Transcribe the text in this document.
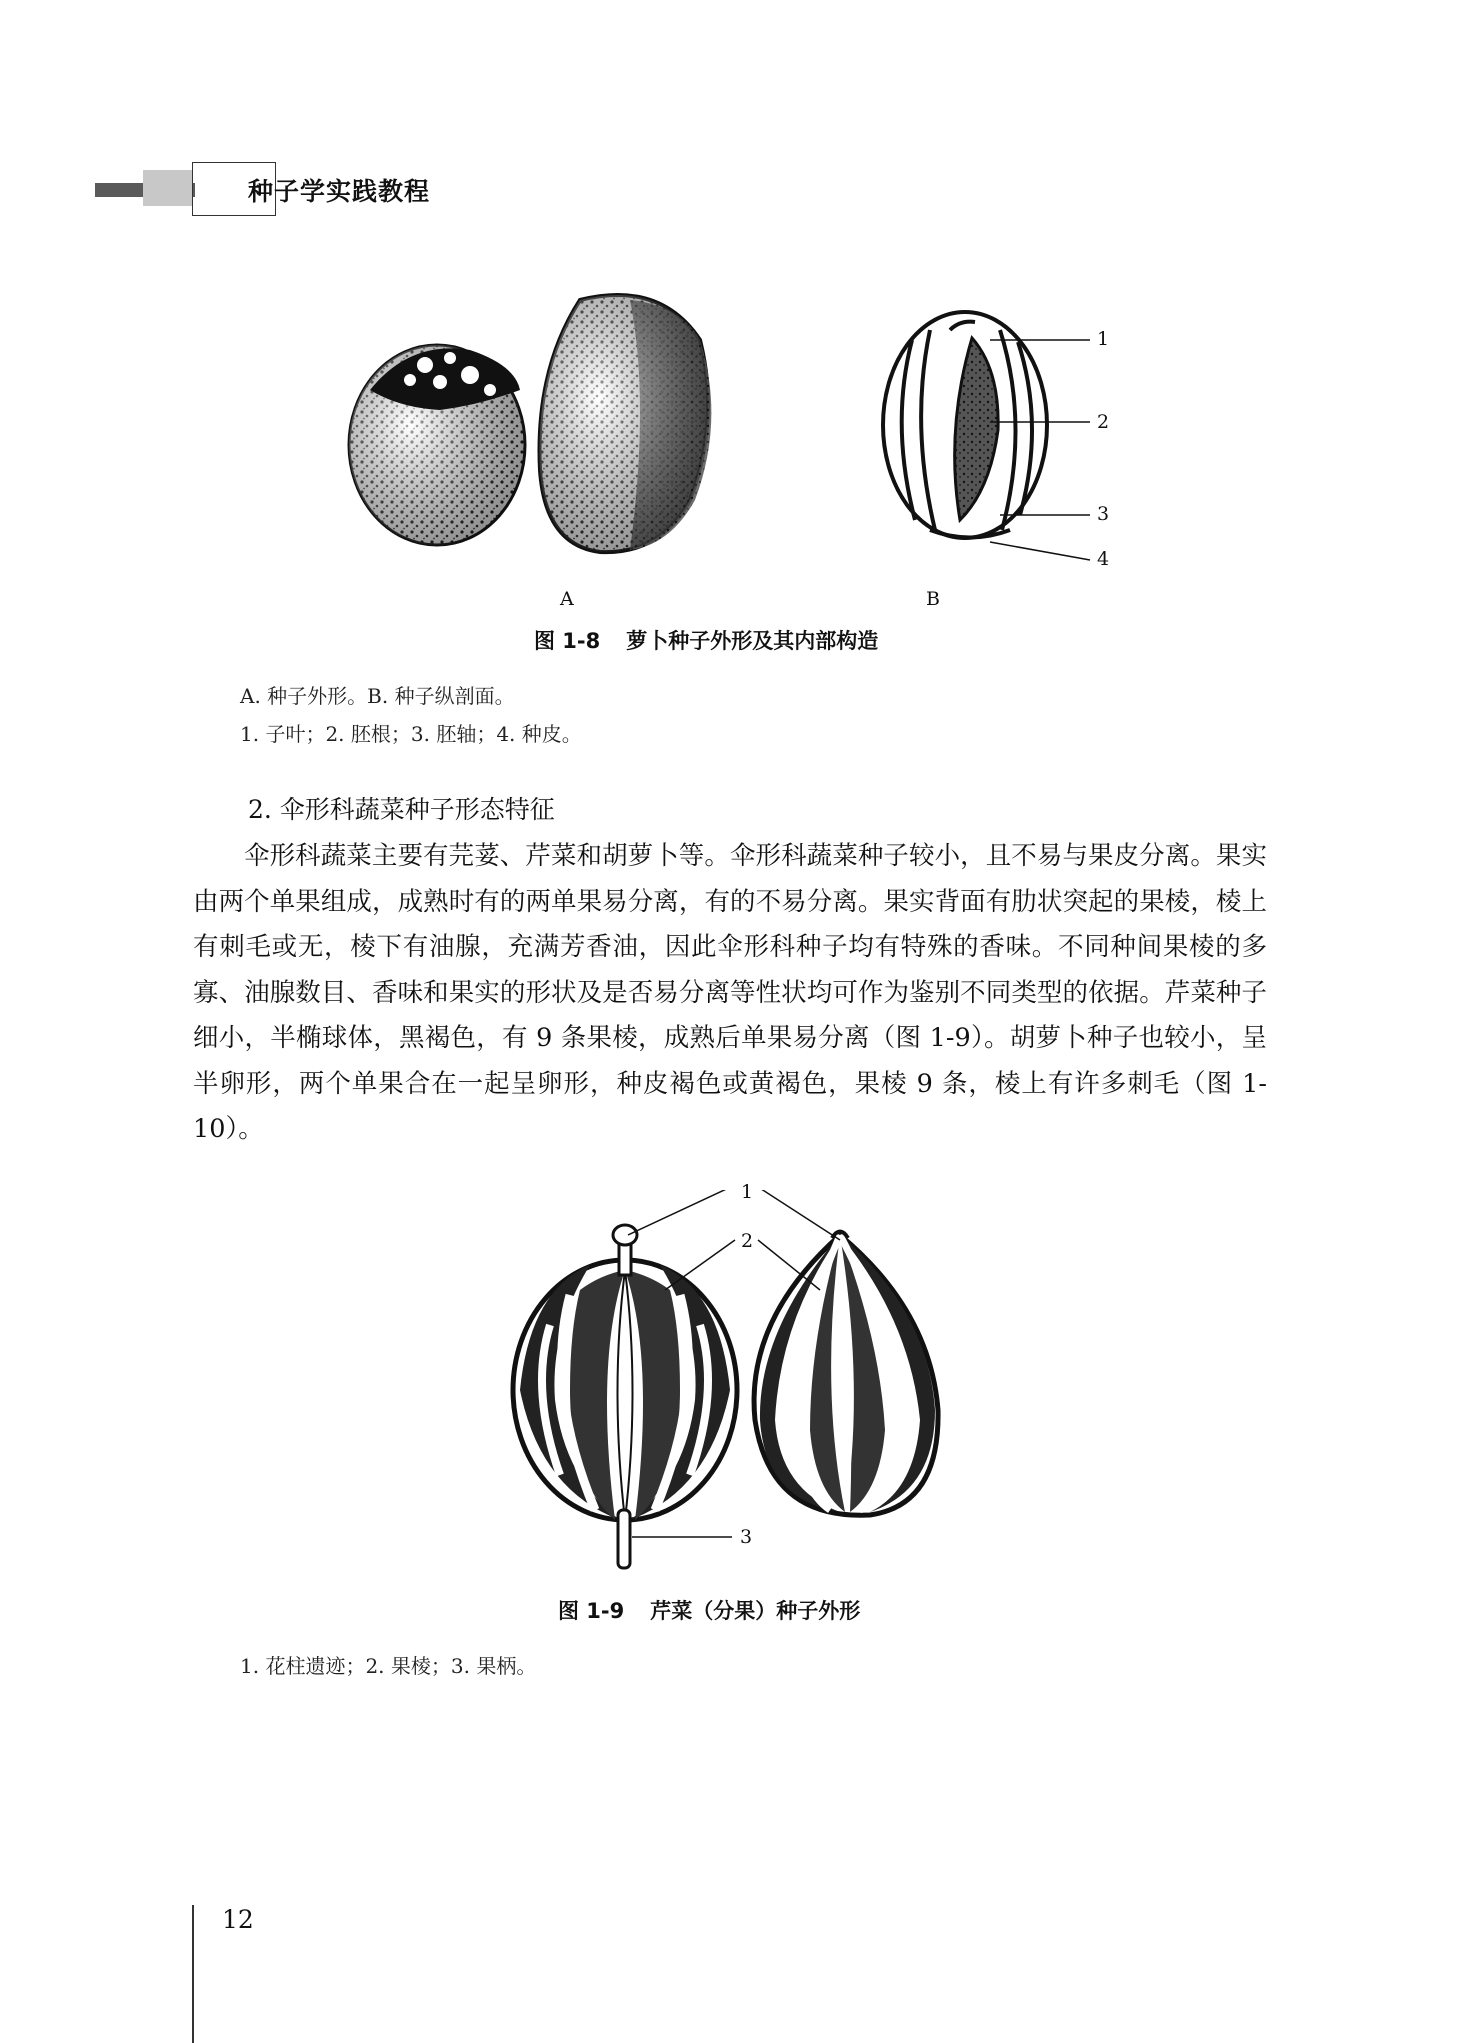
种子学实践教程
1
2
3
4
A	B
图 1-8 萝卜种子外形及其内部构造
A. 种子外形。B. 种子纵剖面。
1. 子叶；2. 胚根；3. 胚轴；4. 种皮。
2. 伞形科蔬菜种子形态特征

伞形科蔬菜主要有芫荽、芹菜和胡萝卜等。伞形科蔬菜种子较小，且不易与果皮分离。果实由两个单果组成，成熟时有的两单果易分离，有的不易分离。果实背面有肋状突起的果棱，棱上有刺毛或无，棱下有油腺，充满芳香油，因此伞形科种子均有特殊的香味。不同种间果棱的多寡、油腺数目、香味和果实的形状及是否易分离等性状均可作为鉴别不同类型的依据。芹菜种子细小，半椭球体，黑褐色，有 9 条果棱，成熟后单果易分离（图 1-9）。胡萝卜种子也较小，呈半卵形，两个单果合在一起呈卵形，种皮褐色或黄褐色，果棱 9 条，棱上有许多刺毛（图 1-10）。

1
2
3
图 1-9 芹菜（分果）种子外形
1. 花柱遗迹；2. 果棱；3. 果柄。
12
